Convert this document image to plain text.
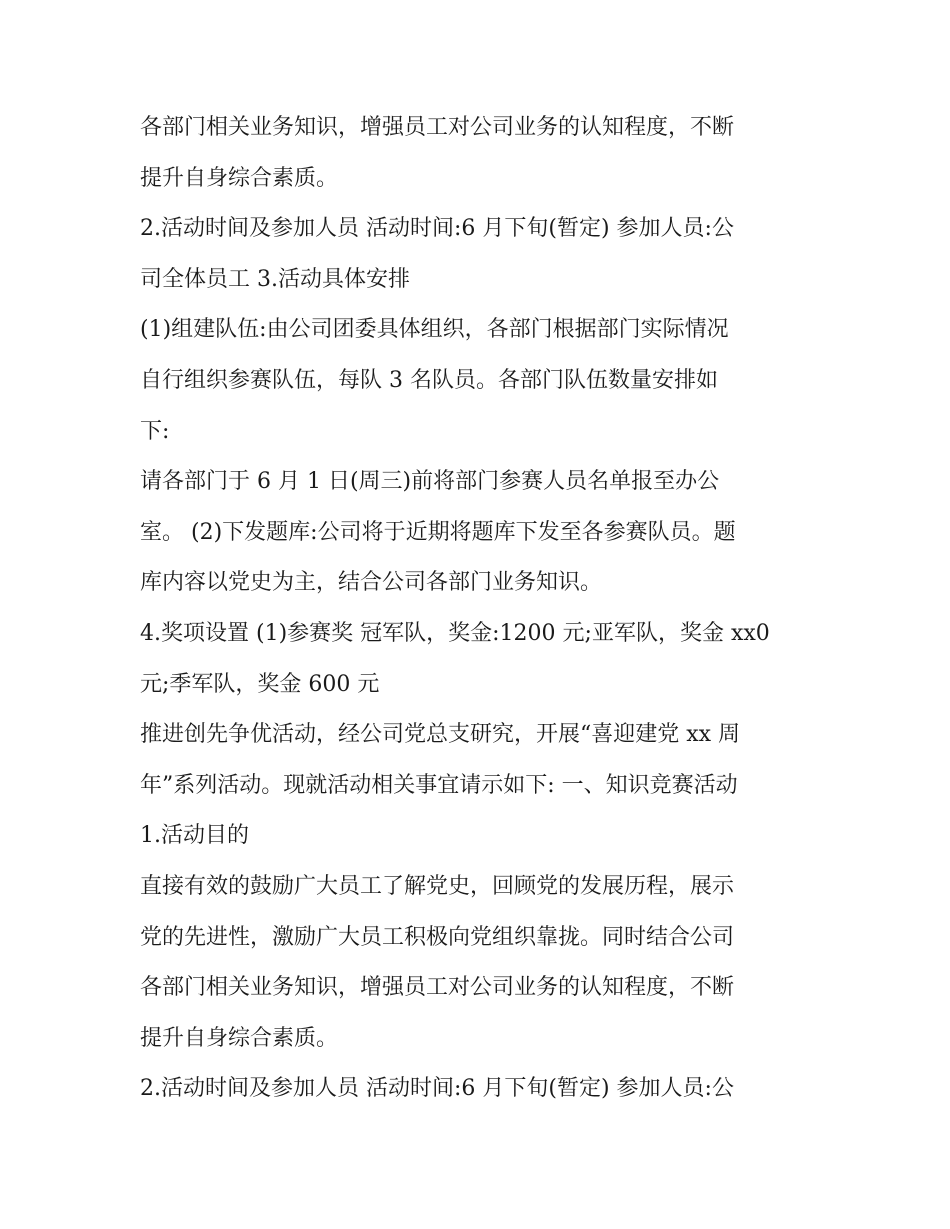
各部门相关业务知识，增强员工对公司业务的认知程度，不断
提升自身综合素质。
2.活动时间及参加人员 活动时间:6 月下旬(暂定) 参加人员:公
司全体员工 3.活动具体安排
(1)组建队伍:由公司团委具体组织，各部门根据部门实际情况
自行组织参赛队伍，每队 3 名队员。各部门队伍数量安排如
下:
请各部门于 6 月 1 日(周三)前将部门参赛人员名单报至办公
室。 (2)下发题库:公司将于近期将题库下发至各参赛队员。题
库内容以党史为主，结合公司各部门业务知识。
4.奖项设置 (1)参赛奖 冠军队，奖金:1200 元;亚军队，奖金 xx0
元;季军队，奖金 600 元
推进创先争优活动，经公司党总支研究，开展“喜迎建党 xx 周
年”系列活动。现就活动相关事宜请示如下: 一、知识竞赛活动
1.活动目的
直接有效的鼓励广大员工了解党史，回顾党的发展历程，展示
党的先进性，激励广大员工积极向党组织靠拢。同时结合公司
各部门相关业务知识，增强员工对公司业务的认知程度，不断
提升自身综合素质。
2.活动时间及参加人员 活动时间:6 月下旬(暂定) 参加人员:公
